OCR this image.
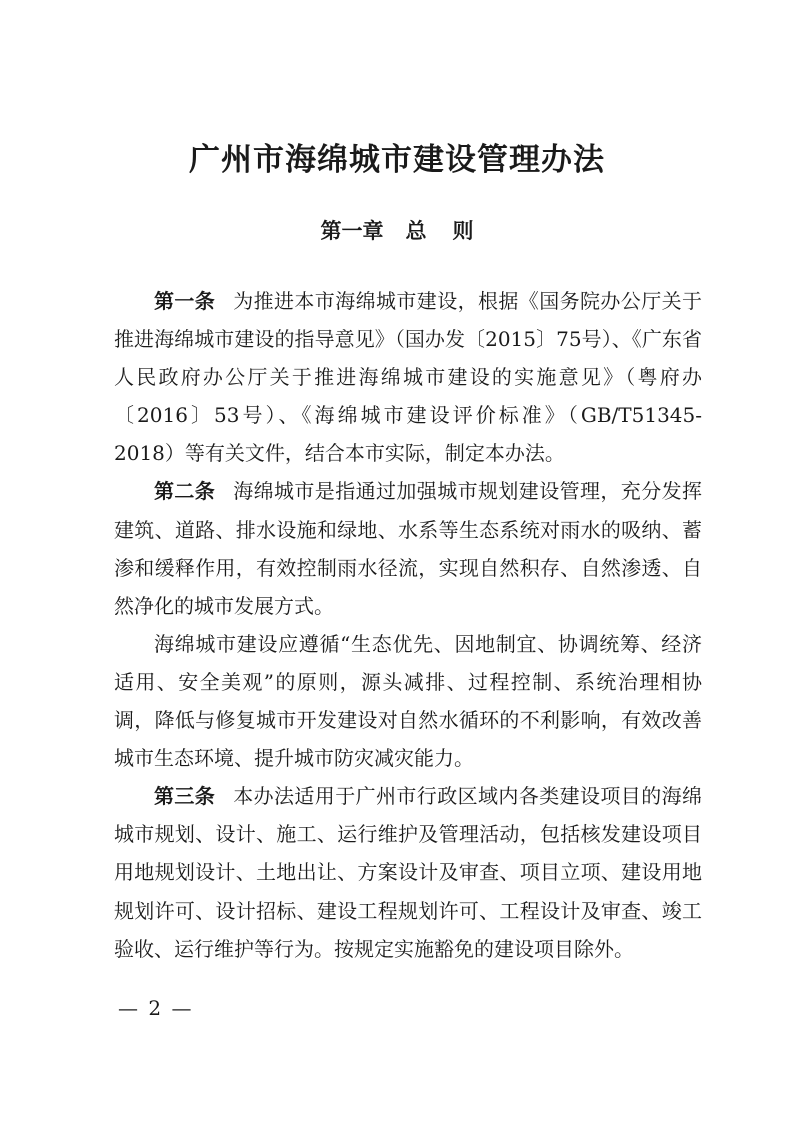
广州市海绵城市建设管理办法
第一章 总 则

第一条 为推进本市海绵城市建设，根据《国务院办公厅关于推进海绵城市建设的指导意见》（国办发〔2015〕75号）、《广东省人民政府办公厅关于推进海绵城市建设的实施意见》（粤府办〔2016〕53号）、《海绵城市建设评价标准》（GB/T51345-2018）等有关文件，结合本市实际，制定本办法。

第二条 海绵城市是指通过加强城市规划建设管理，充分发挥建筑、道路、排水设施和绿地、水系等生态系统对雨水的吸纳、蓄渗和缓释作用，有效控制雨水径流，实现自然积存、自然渗透、自然净化的城市发展方式。

海绵城市建设应遵循“生态优先、因地制宜、协调统筹、经济适用、安全美观”的原则，源头减排、过程控制、系统治理相协调，降低与修复城市开发建设对自然水循环的不利影响，有效改善城市生态环境、提升城市防灾减灾能力。

第三条 本办法适用于广州市行政区域内各类建设项目的海绵城市规划、设计、施工、运行维护及管理活动，包括核发建设项目用地规划设计、土地出让、方案设计及审查、项目立项、建设用地规划许可、设计招标、建设工程规划许可、工程设计及审查、竣工验收、运行维护等行为。按规定实施豁免的建设项目除外。

— 2 —
